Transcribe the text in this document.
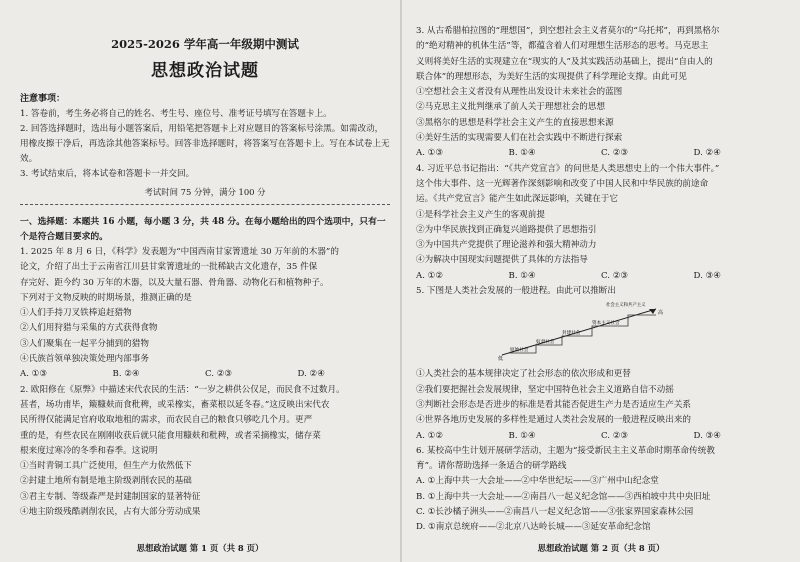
2025-2026 学年高一年级期中测试
思想政治试题
注意事项：
1. 答卷前，考生务必将自己的姓名、考生号、座位号、准考证号填写在答题卡上。
2. 回答选择题时，选出每小题答案后，用铅笔把答题卡上对应题目的答案标号涂黑。如需改动，用橡皮擦干净后，再选涂其他答案标号。回答非选择题时，将答案写在答题卡上。写在本试卷上无效。
3. 考试结束后，将本试卷和答题卡一并交回。
考试时间 75 分钟，满分 100 分
一、选择题：本题共 16 小题，每小题 3 分，共 48 分。在每小题给出的四个选项中，只有一个是符合题目要求的。
1. 2025 年 8 月 6 日，《科学》发表题为“中国西南甘家箐遗址 30 万年前的木器”的
论文，介绍了出土于云南省江川县甘棠箐遗址的一批稀缺古文化遗存，35 件保
存完好、距今约 30 万年的木器，以及大量石器、骨角器、动物化石和植物种子。
下列对于文物反映的时期场景，推测正确的是
①人们手持刀叉铁棒追赶猎物
②人们用狩猎与采集的方式获得食物
③人们聚集在一起平分捕到的猎物
④氏族首领单独决策处理内部事务
A. ①③	B. ②④	C. ②③	D. ②④
2. 欧阳修在《原弊》中描述宋代农民的生活：“一岁之耕供公仅足，而民食不过数月。
甚者，场功甫毕，簸糠麸而食秕稗，或采橡实，畜菜根以延冬春。”这反映出宋代农
民所得仅能满足官府收取地租的需求，而农民自己的粮食只够吃几个月。更严
重的是，有些农民在刚刚收获后就只能食用糠麸和秕稗，或者采摘橡实，储存菜
根来度过寒冷的冬季和春季。这说明
①当时青铜工具广泛使用，但生产力依然低下
②封建土地所有制是地主阶级剥削农民的基础
③君主专制、等级森严是封建制国家的显著特征
④地主阶级残酷剥削农民，占有大部分劳动成果
思想政治试题 第 1 页（共 8 页）
3. 从古希腊柏拉图的“理想国”，到空想社会主义者莫尔的“乌托邦”，再到黑格尔
的“绝对精神的机体生活”等，都蕴含着人们对理想生活形态的思考。马克思主
义则将美好生活的实现建立在“现实的人”及其实践活动基础上，提出“自由人的
联合体”的理想形态，为美好生活的实现提供了科学理论支撑。由此可见
①空想社会主义者没有从理性出发设计未来社会的蓝图
②马克思主义批判继承了前人关于理想社会的思想
③黑格尔的思想是科学社会主义产生的直接思想来源
④美好生活的实现需要人们在社会实践中不断进行探索
A. ①③	B. ①④	C. ②③	D. ②④
4. 习近平总书记指出：“《共产党宣言》的问世是人类思想史上的一个伟大事件。”
这个伟大事件、这一光辉著作深刻影响和改变了中国人民和中华民族的前途命
运。《共产党宣言》能产生如此深远影响，关键在于它
①是科学社会主义产生的客观前提
②为中华民族找到正确复兴道路提供了思想指引
③为中国共产党提供了理论滋养和强大精神动力
④为解决中国现实问题提供了具体的方法指导
A. ①②	B. ①④	C. ②③	D. ③④
5. 下图是人类社会发展的一般进程。由此可以推断出
原始社会
奴隶社会
封建社会
资本主义社会
社会主义和共产主义
低
高
①人类社会的基本规律决定了社会形态的依次形成和更替
②我们要把握社会发展规律，坚定中国特色社会主义道路自信不动摇
③判断社会形态是否进步的标准是看其能否促进生产力是否适应生产关系
④世界各地历史发展的多样性是通过人类社会发展的一般进程反映出来的
A. ①②	B. ①④	C. ②③	D. ③④
6. 某校高中生计划开展研学活动，主题为“接受新民主主义革命时期革命传统教
育”。请你帮助选择一条适合的研学路线
A. ①上海中共一大会址——②中华世纪坛——③广州中山纪念堂
B. ①上海中共一大会址——②南昌八一起义纪念馆——③西柏坡中共中央旧址
C. ①长沙橘子洲头——②南昌八一起义纪念馆——③张家界国家森林公园
D. ①南京总统府——②北京八达岭长城——③延安革命纪念馆
思想政治试题 第 2 页（共 8 页）
